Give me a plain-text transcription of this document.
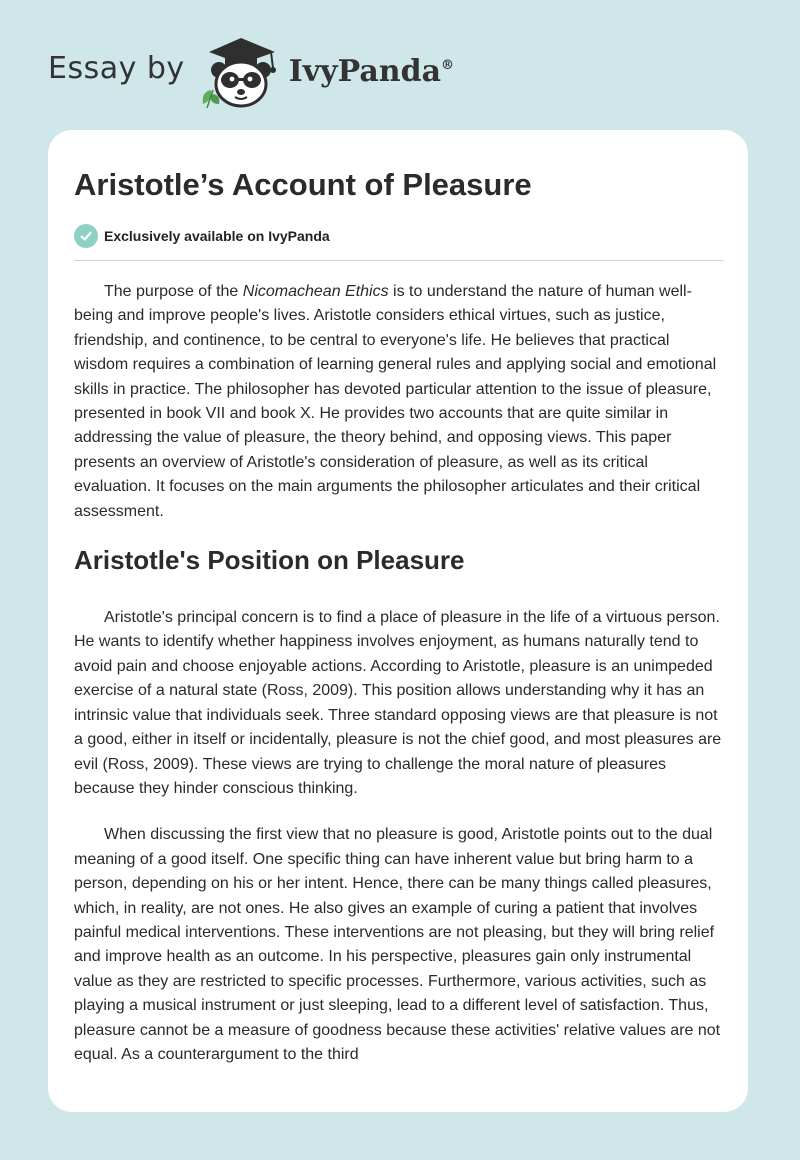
Essay by	IvyPanda®
Aristotle’s Account of Pleasure
Exclusively available on IvyPanda

The purpose of the Nicomachean Ethics is to understand the nature of human well-being and improve people's lives. Aristotle considers ethical virtues, such as justice, friendship, and continence, to be central to everyone's life. He believes that practical wisdom requires a combination of learning general rules and applying social and emotional skills in practice. The philosopher has devoted particular attention to the issue of pleasure, presented in book VII and book X. He provides two accounts that are quite similar in addressing the value of pleasure, the theory behind, and opposing views. This paper presents an overview of Aristotle's consideration of pleasure, as well as its critical evaluation. It focuses on the main arguments the philosopher articulates and their critical assessment.

Aristotle's Position on Pleasure

Aristotle's principal concern is to find a place of pleasure in the life of a virtuous person. He wants to identify whether happiness involves enjoyment, as humans naturally tend to avoid pain and choose enjoyable actions. According to Aristotle, pleasure is an unimpeded exercise of a natural state (Ross, 2009). This position allows understanding why it has an intrinsic value that individuals seek. Three standard opposing views are that pleasure is not a good, either in itself or incidentally, pleasure is not the chief good, and most pleasures are evil (Ross, 2009). These views are trying to challenge the moral nature of pleasures because they hinder conscious thinking.

When discussing the first view that no pleasure is good, Aristotle points out to the dual meaning of a good itself. One specific thing can have inherent value but bring harm to a person, depending on his or her intent. Hence, there can be many things called pleasures, which, in reality, are not ones. He also gives an example of curing a patient that involves painful medical interventions. These interventions are not pleasing, but they will bring relief and improve health as an outcome. In his perspective, pleasures gain only instrumental value as they are restricted to specific processes. Furthermore, various activities, such as playing a musical instrument or just sleeping, lead to a different level of satisfaction. Thus, pleasure cannot be a measure of goodness because these activities' relative values are not equal. As a counterargument to the third
